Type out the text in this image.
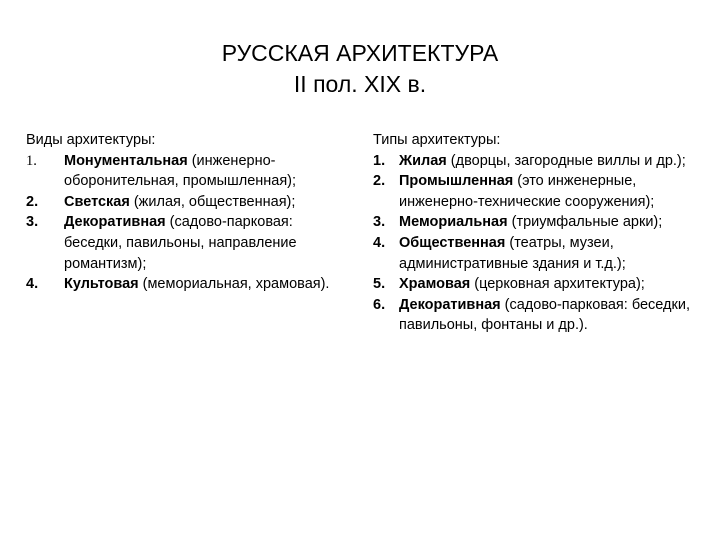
РУССКАЯ АРХИТЕКТУРА
II пол. XIX в.
Виды архитектуры:
1. Монументальная (инженерно-оборонительная, промышленная);
2. Светская (жилая, общественная);
3. Декоративная (садово-парковая: беседки, павильоны, направление романтизм);
4. Культовая (мемориальная, храмовая).
Типы архитектуры:
1. Жилая (дворцы, загородные виллы и др.);
2. Промышленная (это инженерные, инженерно-технические сооружения);
3. Мемориальная (триумфальные арки);
4. Общественная (театры, музеи, административные здания и т.д.);
5. Храмовая (церковная архитектура);
6. Декоративная (садово-парковая: беседки, павильоны, фонтаны и др.).
